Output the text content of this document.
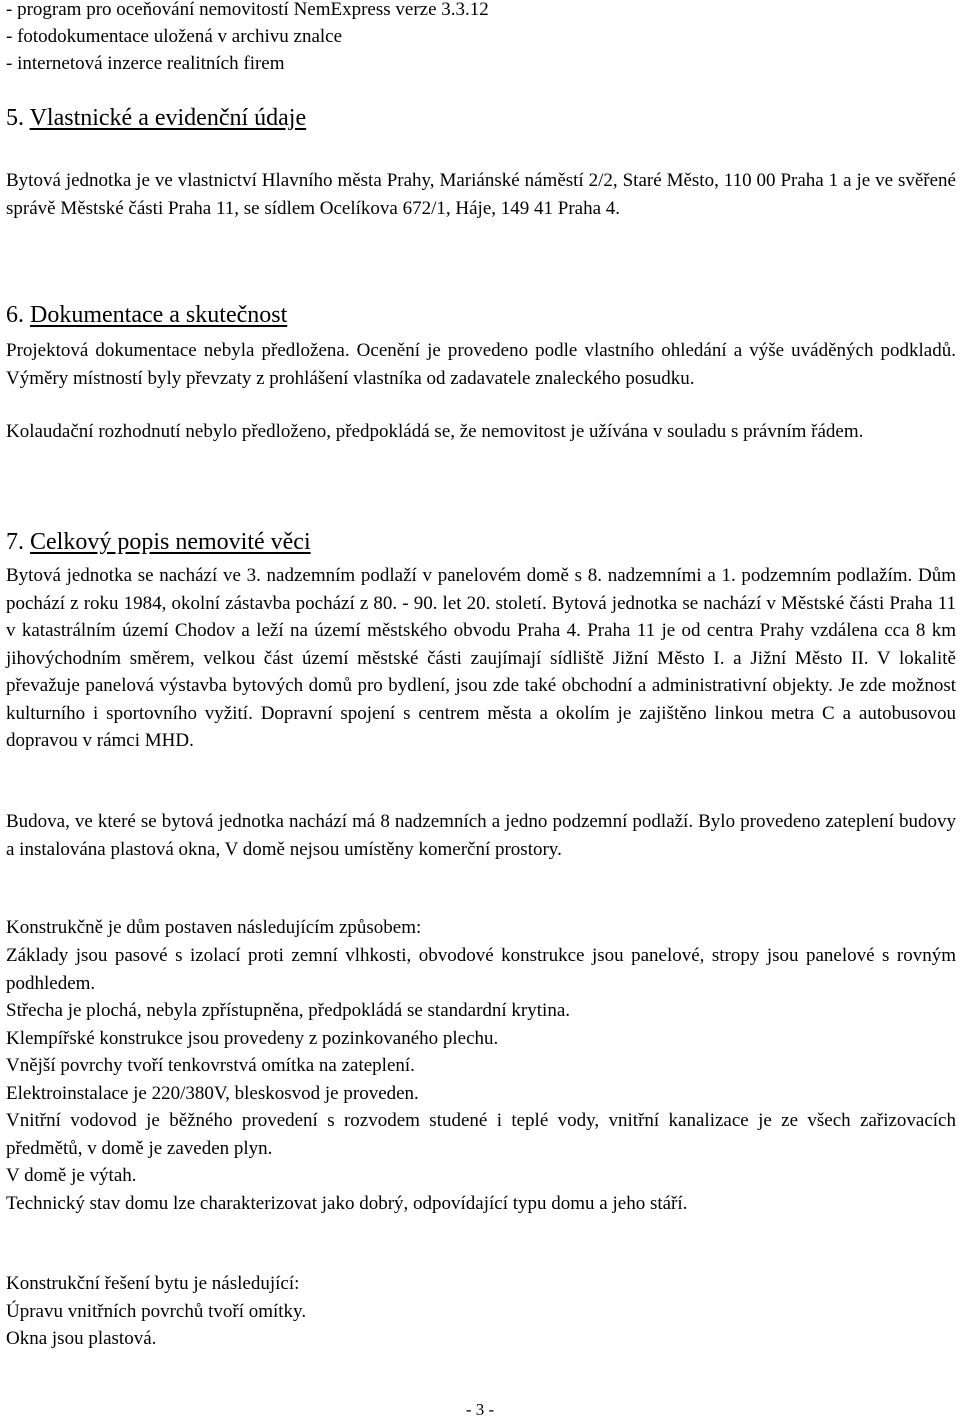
- program pro oceňování nemovitostí NemExpress verze 3.3.12
- fotodokumentace uložená v archivu znalce
- internetová inzerce realitních firem
5. Vlastnické a evidenční údaje
Bytová jednotka je ve vlastnictví Hlavního města Prahy, Mariánské náměstí 2/2, Staré Město, 110 00 Praha 1 a je ve svěřené správě Městské části Praha 11, se sídlem Ocelíkova 672/1, Háje, 149 41 Praha 4.
6. Dokumentace a skutečnost
Projektová dokumentace nebyla předložena. Ocenění je provedeno podle vlastního ohledání a výše uváděných podkladů. Výměry místností byly převzaty z prohlášení vlastníka od zadavatele znaleckého posudku.
Kolaudační rozhodnutí nebylo předloženo, předpokládá se, že nemovitost je užívána v souladu s právním řádem.
7. Celkový popis nemovité věci
Bytová jednotka se nachází ve 3. nadzemním podlaží v panelovém domě s 8. nadzemními a 1. podzemním podlažím. Dům pochází z roku 1984, okolní zástavba pochází z 80. - 90. let 20. století. Bytová jednotka se nachází v Městské části Praha 11 v katastrálním území Chodov a leží na území městského obvodu Praha 4. Praha 11 je od centra Prahy vzdálena cca 8 km jihovýchodním směrem, velkou část území městské části zaujímají sídliště Jižní Město I. a Jižní Město II. V lokalitě převažuje panelová výstavba bytových domů pro bydlení, jsou zde také obchodní a administrativní objekty. Je zde možnost kulturního i sportovního vyžití. Dopravní spojení s centrem města a okolím je zajištěno linkou metra C a autobusovou dopravou v rámci MHD.
Budova, ve které se bytová jednotka nachází má 8 nadzemních a jedno podzemní podlaží. Bylo provedeno zateplení budovy a instalována plastová okna, V domě nejsou umístěny komerční prostory.
Konstrukčně je dům postaven následujícím způsobem:
Základy jsou pasové s izolací proti zemní vlhkosti, obvodové konstrukce jsou panelové, stropy jsou panelové s rovným podhledem.
Střecha je plochá, nebyla zpřístupněna, předpokládá se standardní krytina.
Klempířské konstrukce jsou provedeny z pozinkovaného plechu.
Vnější povrchy tvoří tenkovrstvá omítka na zateplení.
Elektroinstalace je 220/380V, bleskosvod je proveden.
Vnitřní vodovod je běžného provedení s rozvodem studené i teplé vody, vnitřní kanalizace je ze všech zařizovacích předmětů, v domě je zaveden plyn.
V domě je výtah.
Technický stav domu lze charakterizovat jako dobrý, odpovídající typu domu a jeho stáří.
Konstrukční řešení bytu je následující:
Úpravu vnitřních povrchů tvoří omítky.
Okna jsou plastová.
- 3 -
